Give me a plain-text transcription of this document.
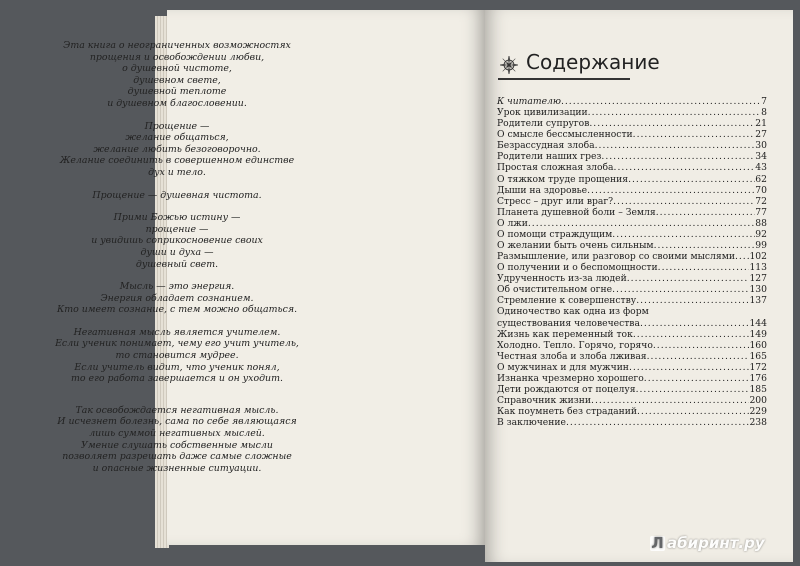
Эта книга о неограниченных возможностях
прощения и освобождении любви,
о душевной чистоте,
душевном свете,
душевной теплоте
и душевном благословении.
Прощение —
желание общаться,
желание любить безоговорочно.
Желание соединить в совершенном единстве
дух и тело.
Прощение — душевная чистота.
Прими Божью истину —
прощение —
и увидишь соприкосновение своих
души и духа —
душевный свет.
Мысль — это энергия.
Энергия обладает сознанием.
Кто имеет сознание, с тем можно общаться.
Негативная мысль является учителем.
Если ученик понимает, чему его учит учитель,
то становится мудрее.
Если учитель видит, что ученик понял,
то его работа завершается и он уходит.
Так освобождается негативная мысль.
И исчезнет болезнь, сама по себе являющаяся
лишь суммой негативных мыслей.
Умение слушать собственные мысли
позволяет разрешать даже самые сложные
и опасные жизненные ситуации.
Содержание
К читателю .....	7
Урок цивилизации .....	8
Родители супругов .....	21
О смысле бессмысленности .....	27
Безрассудная злоба .....	30
Родители наших грез .....	34
Простая сложная злоба .....	43
О тяжком труде прощения .....	62
Дыши на здоровье .....	70
Стресс – друг или враг? .....	72
Планета душевной боли – Земля .....	77
О лжи .....	88
О помощи страждущим .....	92
О желании быть очень сильным .....	99
Размышление, или разговор со своими мыслями ..... 102
О получении и о беспомощности .....	113
Удрученность из-за людей .....	127
Об очистительном огне .....	130
Стремление к совершенству .....	137
Одиночество как одна из форм
существования человечества .....	144
Жизнь как переменный ток .....	149
Холодно. Тепло. Горячо, горячо .....	160
Честная злоба и злоба лживая .....	165
О мужчинах и для мужчин .....	172
Изнанка чрезмерно хорошего .....	176
Дети рождаются от поцелуя .....	185
Справочник жизни .....	200
Как поумнеть без страданий .....	229
В заключение .....	238
Л абиринт.ру
